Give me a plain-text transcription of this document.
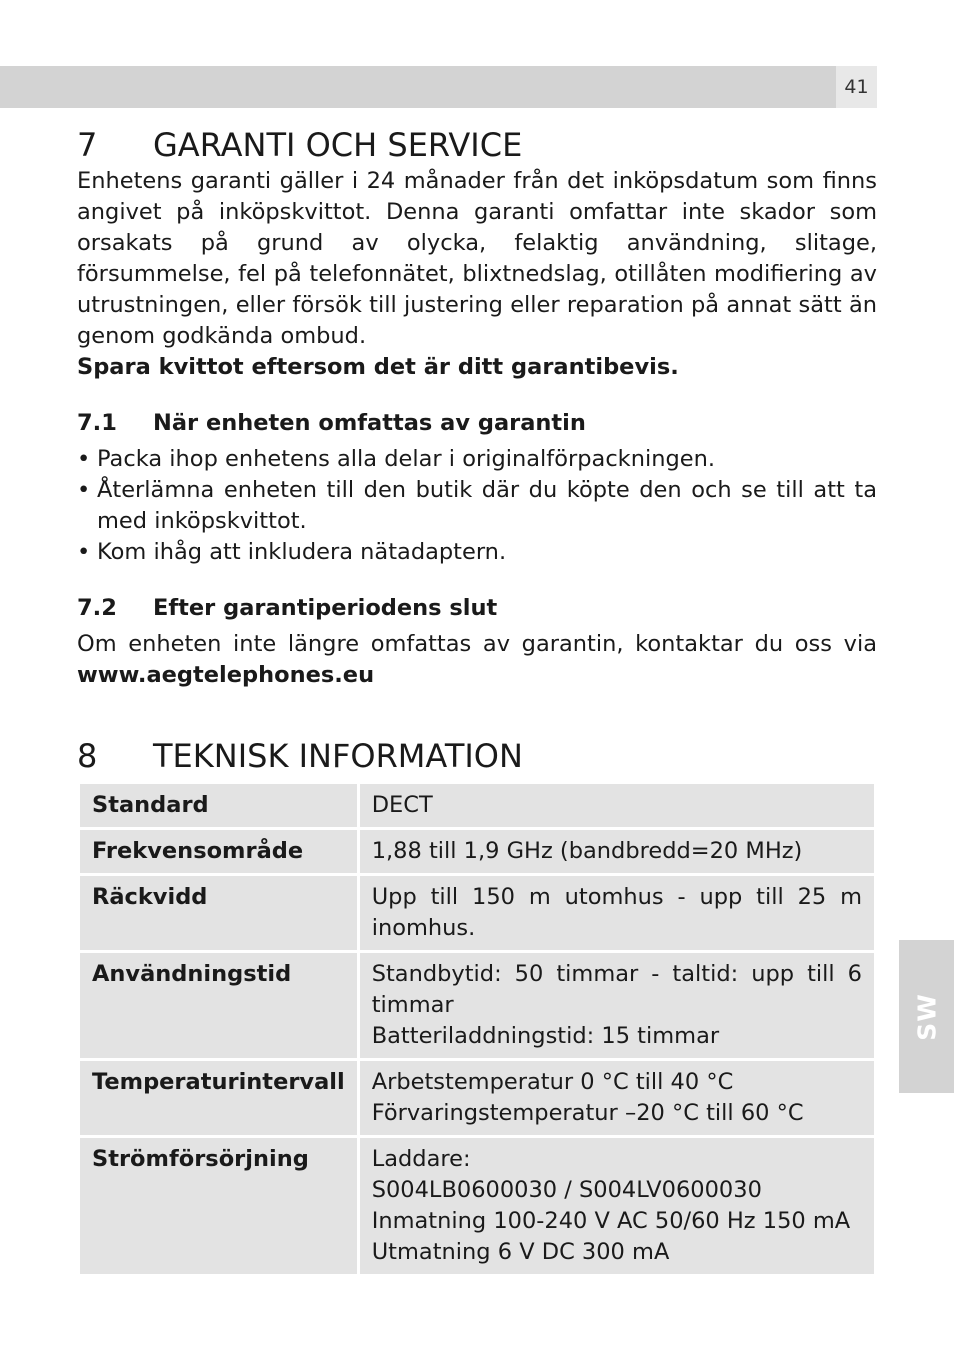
41
SW
7	GARANTI OCH SERVICE

Enhetens garanti gäller i 24 månader från det inköpsdatum som finns angivet på inköpskvittot. Denna garanti omfattar inte skador som orsakats på grund av olycka, felaktig användning, slitage, försummelse, fel på telefonnätet, blixtnedslag, otillåten modifiering av utrustningen, eller försök till justering eller reparation på annat sätt än genom godkända ombud.

Spara kvittot eftersom det är ditt garantibevis.

7.1	När enheten omfattas av garantin
• Packa ihop enhetens alla delar i originalförpackningen.
• Återlämna enheten till den butik där du köpte den och se till att ta med inköpskvittot.
• Kom ihåg att inkludera nätadaptern.
7.2	Efter garantiperiodens slut

Om enheten inte längre omfattas av garantin, kontaktar du oss via

www.aegtelephones.eu

8	TEKNISK INFORMATION
Standard	DECT

Frekvensområde	1,88 till 1,9 GHz (bandbredd=20 MHz)

Räckvidd	Upp till 150 m utomhus - upp till 25 m inomhus.

Användningstid	Standbytid: 50 timmar - taltid: upp till 6 timmar
Batteriladdningstid: 15 timmar

Temperaturintervall	Arbetstemperatur 0 °C till 40 °C
Förvaringstemperatur –20 °C till 60 °C

Strömförsörjning	Laddare:
S004LB0600030 / S004LV0600030
Inmatning 100-240 V AC 50/60 Hz 150 mA
Utmatning 6 V DC 300 mA
